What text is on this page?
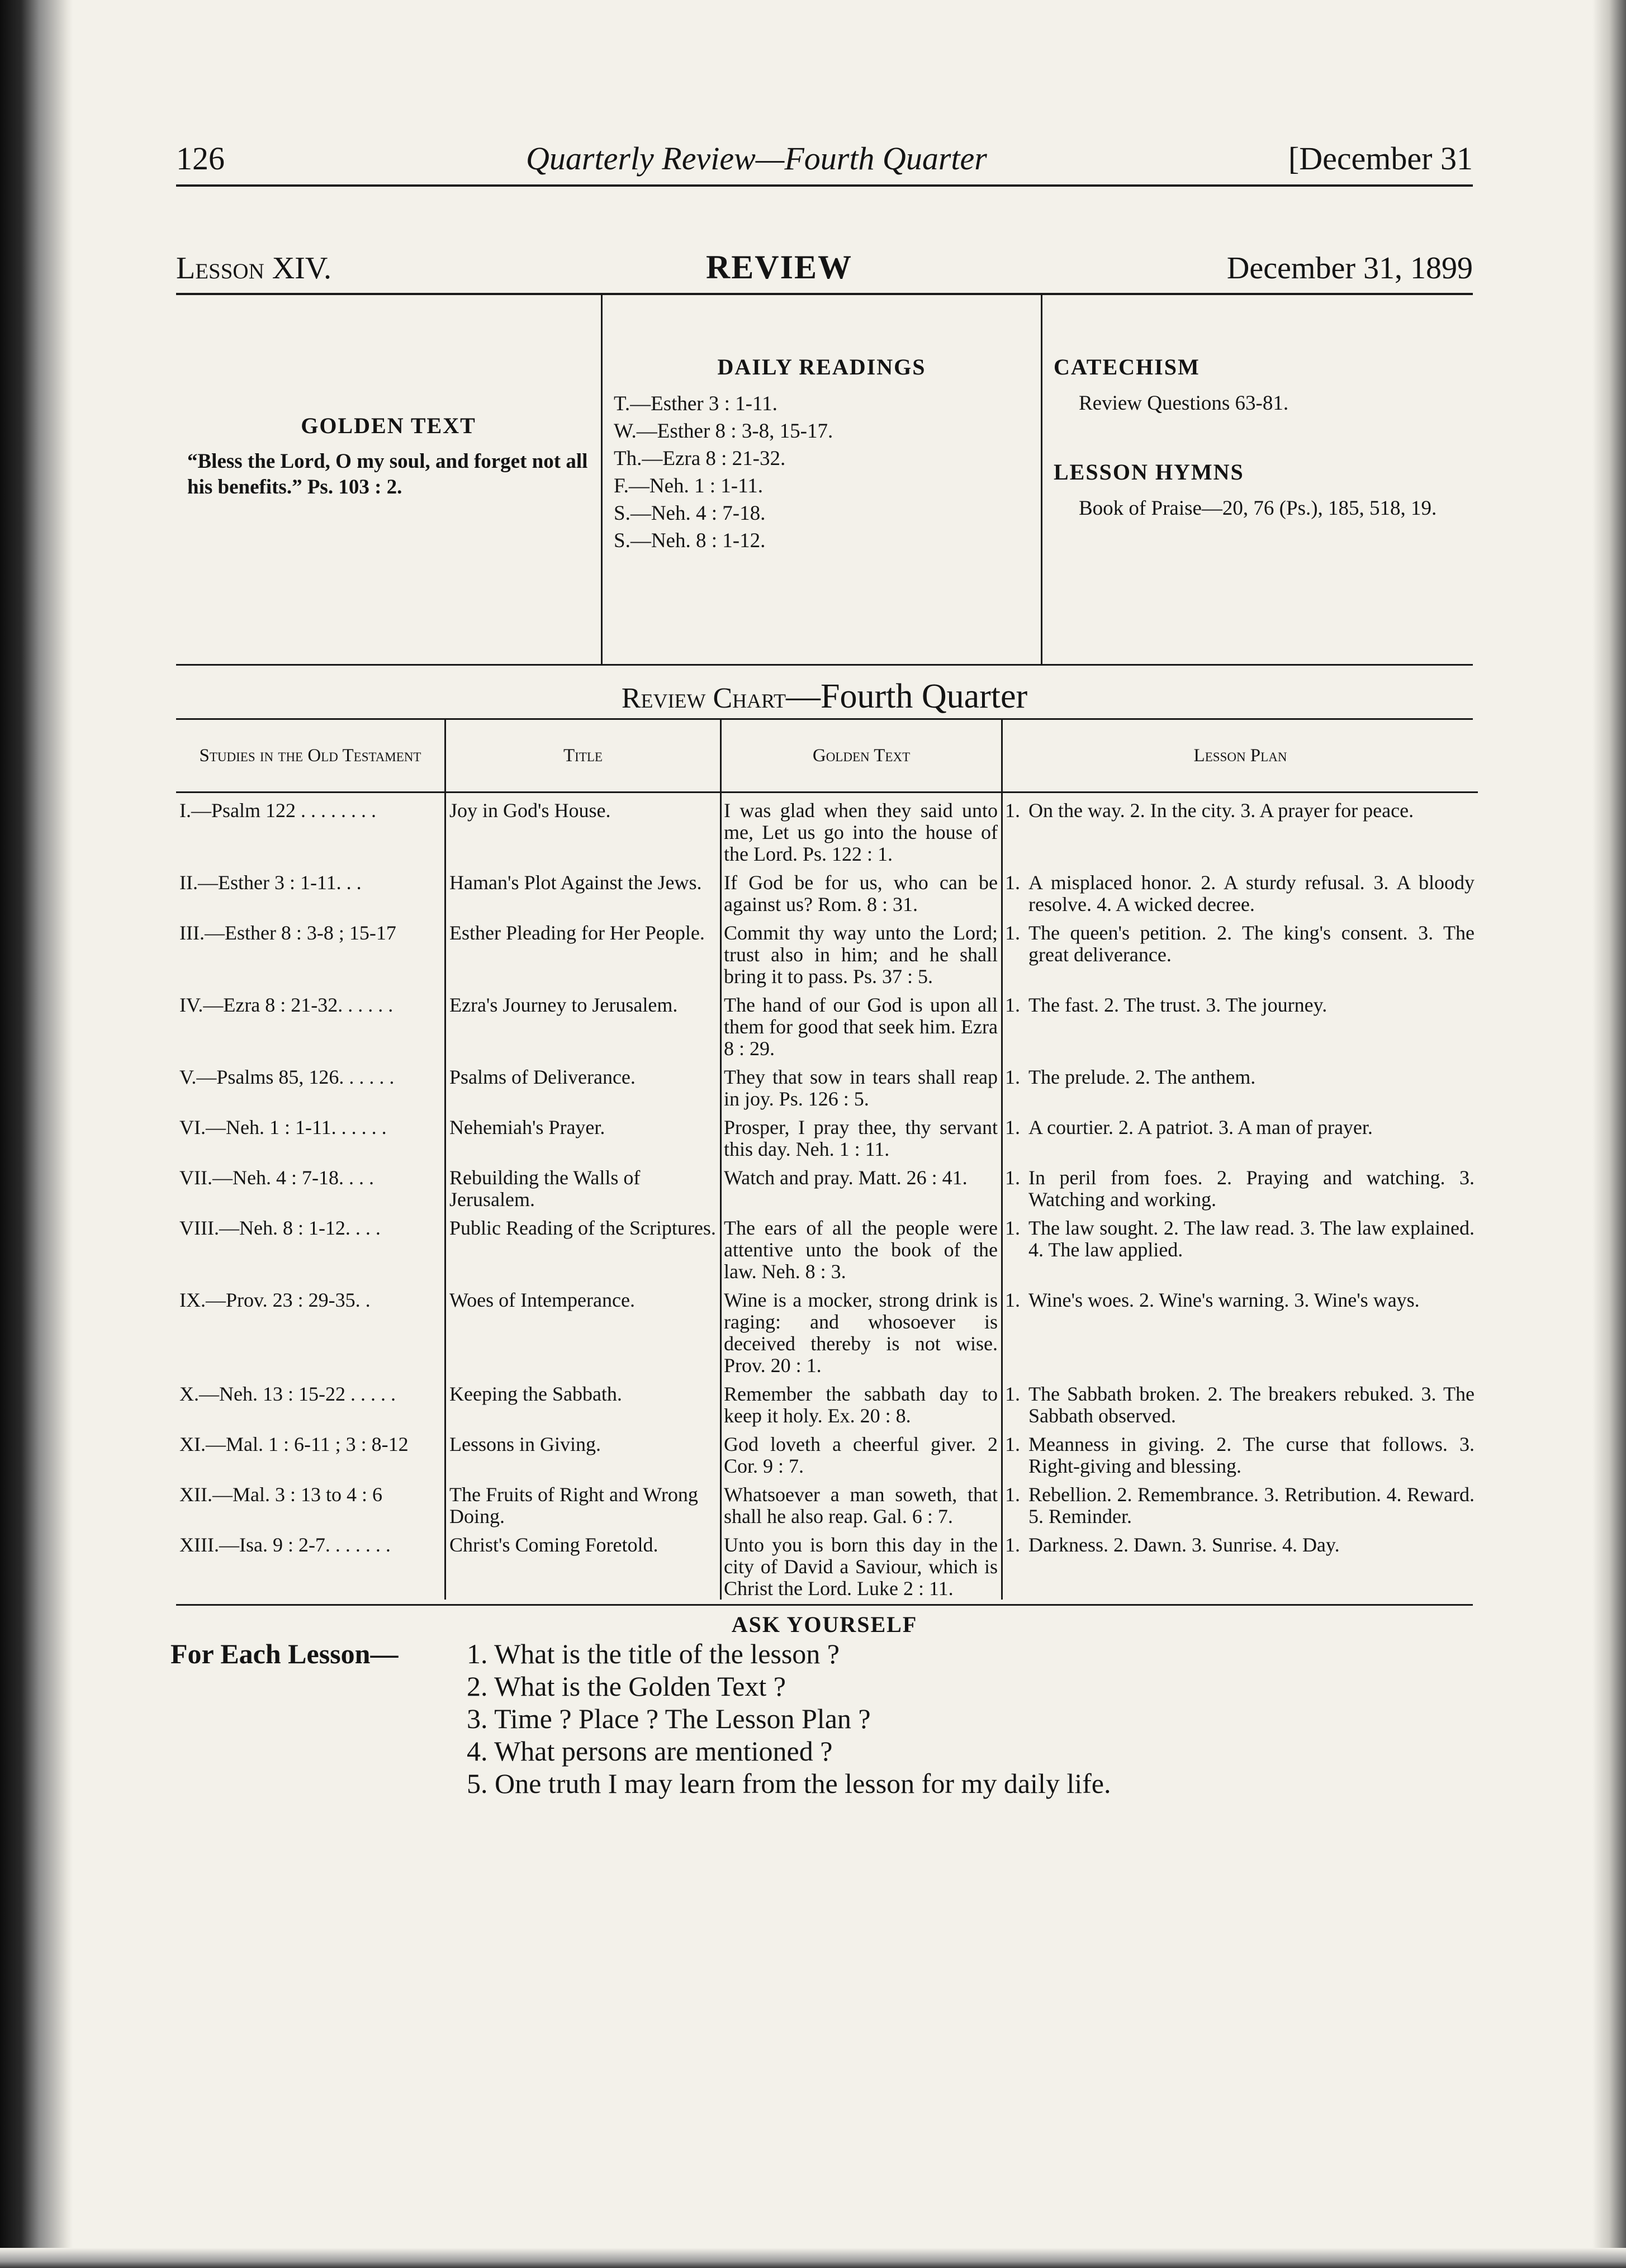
126	Quarterly Review—Fourth Quarter	[December 31
Lesson XIV.	REVIEW	December 31, 1899
GOLDEN TEXT

“Bless the Lord, O my soul, and forget not all his benefits.” Ps. 103 : 2.

DAILY READINGS
T.—Esther 3 : 1-11.
W.—Esther 8 : 3-8, 15-17.
Th.—Ezra 8 : 21-32.
F.—Neh. 1 : 1-11.
S.—Neh. 4 : 7-18.
S.—Neh. 8 : 1-12.
CATECHISM
Review Questions 63-81.
LESSON HYMNS
Book of Praise—20, 76 (Ps.), 185, 518, 19.
Review Chart—Fourth Quarter
Studies in the Old Testament	Title	Golden Text	Lesson Plan
I.—Psalm 122 . . . . . . . .	Joy in God's House.	I was glad when they said unto me, Let us go into the house of the Lord. Ps. 122 : 1.	1. On the way. 2. In the city. 3. A prayer for peace.

II.—Esther 3 : 1-11. . .	Haman's Plot Against the Jews.	If God be for us, who can be against us? Rom. 8 : 31.	1. A misplaced honor. 2. A sturdy refusal. 3. A bloody resolve. 4. A wicked decree.

III.—Esther 8 : 3-8 ; 15-17	Esther Pleading for Her People.	Commit thy way unto the Lord; trust also in him; and he shall bring it to pass. Ps. 37 : 5.	1. The queen's petition. 2. The king's consent. 3. The great deliverance.

IV.—Ezra 8 : 21-32. . . . . .	Ezra's Journey to Jerusalem.	The hand of our God is upon all them for good that seek him. Ezra 8 : 29.	1. The fast. 2. The trust. 3. The journey.

V.—Psalms 85, 126. . . . . .	Psalms of Deliverance.	They that sow in tears shall reap in joy. Ps. 126 : 5.	1. The prelude. 2. The anthem.

VI.—Neh. 1 : 1-11. . . . . .	Nehemiah's Prayer.	Prosper, I pray thee, thy servant this day. Neh. 1 : 11.	1. A courtier. 2. A patriot. 3. A man of prayer.

VII.—Neh. 4 : 7-18. . . .	Rebuilding the Walls of Jerusalem.	Watch and pray. Matt. 26 : 41.	1. In peril from foes. 2. Praying and watching. 3. Watching and working.

VIII.—Neh. 8 : 1-12. . . .	Public Reading of the Scriptures.	The ears of all the people were attentive unto the book of the law. Neh. 8 : 3.	1. The law sought. 2. The law read. 3. The law explained. 4. The law applied.

IX.—Prov. 23 : 29-35. .	Woes of Intemperance.	Wine is a mocker, strong drink is raging: and whosoever is deceived thereby is not wise. Prov. 20 : 1.	1. Wine's woes. 2. Wine's warning. 3. Wine's ways.

X.—Neh. 13 : 15-22 . . . . .	Keeping the Sabbath.	Remember the sabbath day to keep it holy. Ex. 20 : 8.	1. The Sabbath broken. 2. The breakers rebuked. 3. The Sabbath observed.

XI.—Mal. 1 : 6-11 ; 3 : 8-12	Lessons in Giving.	God loveth a cheerful giver. 2 Cor. 9 : 7.	1. Meanness in giving. 2. The curse that follows. 3. Right-giving and blessing.

XII.—Mal. 3 : 13 to 4 : 6	The Fruits of Right and Wrong Doing.	Whatsoever a man soweth, that shall he also reap. Gal. 6 : 7.	1. Rebellion. 2. Remembrance. 3. Retribution. 4. Reward. 5. Reminder.

XIII.—Isa. 9 : 2-7. . . . . . .	Christ's Coming Foretold.	Unto you is born this day in the city of David a Saviour, which is Christ the Lord. Luke 2 : 11.	1. Darkness. 2. Dawn. 3. Sunrise. 4. Day.
ASK YOURSELF
For Each Lesson—	1. What is the title of the lesson ?
2. What is the Golden Text ?
3. Time ? Place ? The Lesson Plan ?
4. What persons are mentioned ?
5. One truth I may learn from the lesson for my daily life.
